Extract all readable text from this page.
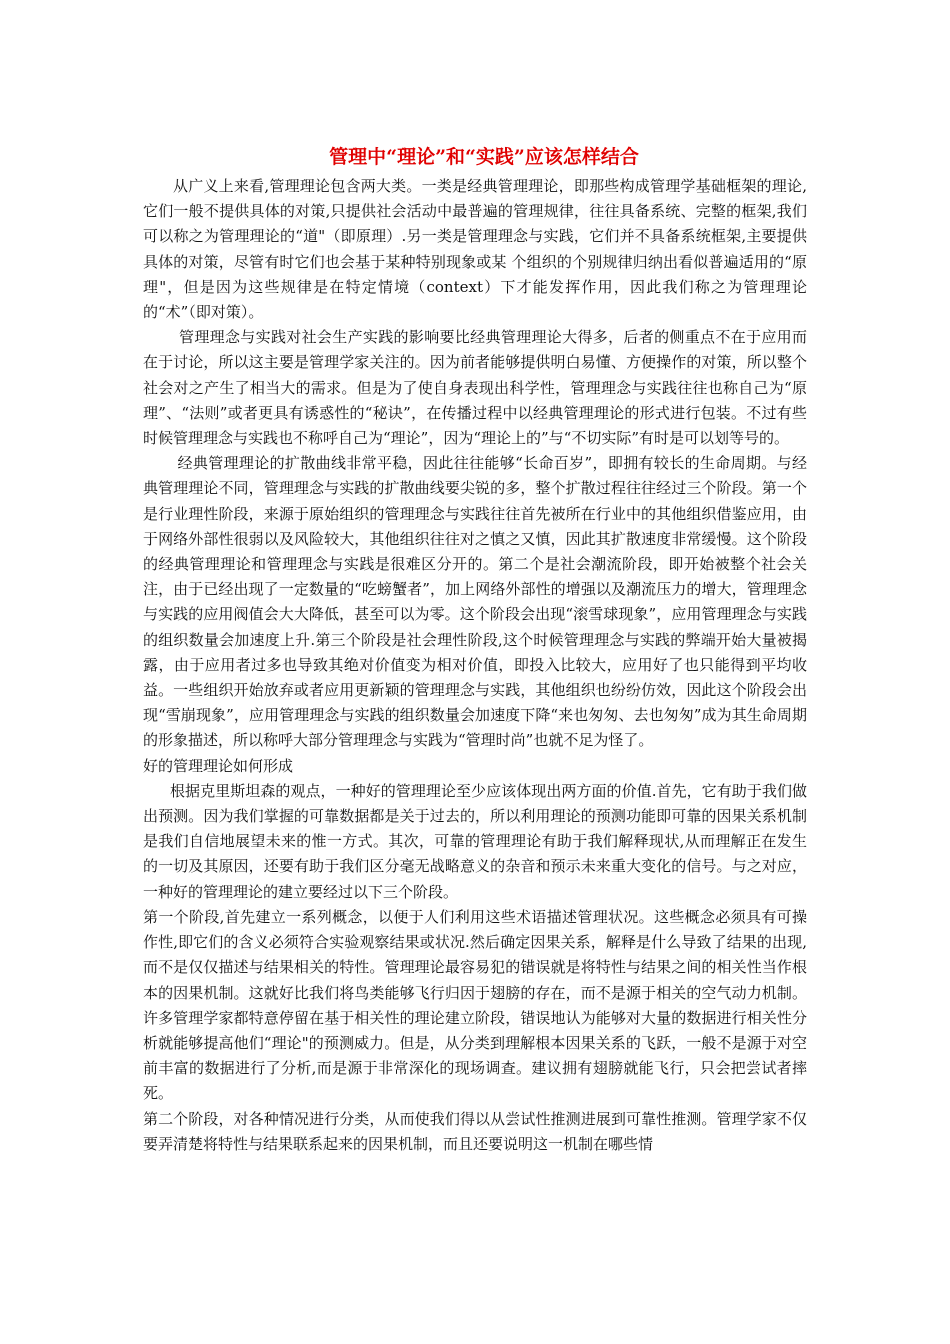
管理中“理论”和“实践”应该怎样结合

从广义上来看,管理理论包含两大类。一类是经典管理理论，即那些构成管理学基础框架的理论,它们一般不提供具体的对策,只提供社会活动中最普遍的管理规律，往往具备系统、完整的框架,我们可以称之为管理理论的“道"（即原理）.另一类是管理理念与实践，它们并不具备系统框架,主要提供具体的对策，尽管有时它们也会基于某种特别现象或某 个组织的个别规律归纳出看似普遍适用的“原理"，但是因为这些规律是在特定情境（context）下才能发挥作用，因此我们称之为管理理论的“术”（即对策）。

管理理念与实践对社会生产实践的影响要比经典管理理论大得多，后者的侧重点不在于应用而在于讨论，所以这主要是管理学家关注的。因为前者能够提供明白易懂、方便操作的对策，所以整个社会对之产生了相当大的需求。但是为了使自身表现出科学性，管理理念与实践往往也称自己为“原理”、“法则”或者更具有诱惑性的“秘诀”，在传播过程中以经典管理理论的形式进行包装。不过有些时候管理理念与实践也不称呼自己为“理论”，因为“理论上的”与“不切实际”有时是可以划等号的。

经典管理理论的扩散曲线非常平稳，因此往往能够“长命百岁”，即拥有较长的生命周期。与经典管理理论不同，管理理念与实践的扩散曲线要尖锐的多，整个扩散过程往往经过三个阶段。第一个是行业理性阶段，来源于原始组织的管理理念与实践往往首先被所在行业中的其他组织借鉴应用，由于网络外部性很弱以及风险较大，其他组织往往对之慎之又慎，因此其扩散速度非常缓慢。这个阶段的经典管理理论和管理理念与实践是很难区分开的。第二个是社会潮流阶段，即开始被整个社会关注，由于已经出现了一定数量的“吃螃蟹者”，加上网络外部性的增强以及潮流压力的增大，管理理念与实践的应用阀值会大大降低，甚至可以为零。这个阶段会出现“滚雪球现象”，应用管理理念与实践的组织数量会加速度上升.第三个阶段是社会理性阶段,这个时候管理理念与实践的弊端开始大量被揭露，由于应用者过多也导致其绝对价值变为相对价值，即投入比较大，应用好了也只能得到平均收益。一些组织开始放弃或者应用更新颖的管理理念与实践，其他组织也纷纷仿效，因此这个阶段会出现“雪崩现象”，应用管理理念与实践的组织数量会加速度下降“来也匆匆、去也匆匆”成为其生命周期的形象描述，所以称呼大部分管理理念与实践为“管理时尚”也就不足为怪了。

好的管理理论如何形成

根据克里斯坦森的观点，一种好的管理理论至少应该体现出两方面的价值.首先，它有助于我们做出预测。因为我们掌握的可靠数据都是关于过去的，所以利用理论的预测功能即可靠的因果关系机制是我们自信地展望未来的惟一方式。其次，可靠的管理理论有助于我们解释现状,从而理解正在发生的一切及其原因，还要有助于我们区分毫无战略意义的杂音和预示未来重大变化的信号。与之对应，一种好的管理理论的建立要经过以下三个阶段。

第一个阶段,首先建立一系列概念，以便于人们利用这些术语描述管理状况。这些概念必须具有可操作性,即它们的含义必须符合实验观察结果或状况.然后确定因果关系，解释是什么导致了结果的出现,而不是仅仅描述与结果相关的特性。管理理论最容易犯的错误就是将特性与结果之间的相关性当作根本的因果机制。这就好比我们将鸟类能够飞行归因于翅膀的存在，而不是源于相关的空气动力机制。许多管理学家都特意停留在基于相关性的理论建立阶段，错误地认为能够对大量的数据进行相关性分析就能够提高他们“理论"的预测威力。但是，从分类到理解根本因果关系的飞跃，一般不是源于对空前丰富的数据进行了分析,而是源于非常深化的现场调查。建议拥有翅膀就能飞行，只会把尝试者摔死。

第二个阶段，对各种情况进行分类，从而使我们得以从尝试性推测进展到可靠性推测。管理学家不仅要弄清楚将特性与结果联系起来的因果机制，而且还要说明这一机制在哪些情
